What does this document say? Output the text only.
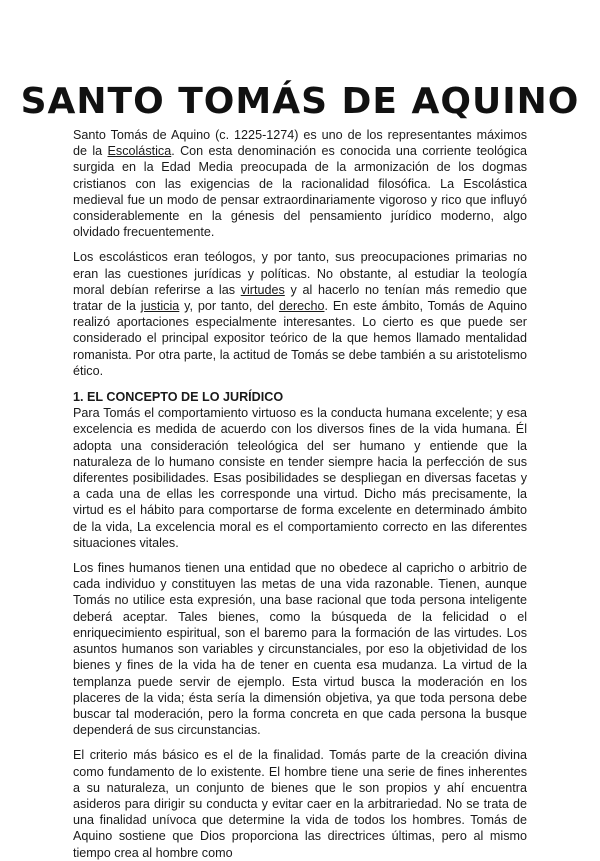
SANTO TOMÁS DE AQUINO

Santo Tomás de Aquino (c. 1225-1274) es uno de los representantes máximos de la Escolástica. Con esta denominación es conocida una corriente teológica surgida en la Edad Media preocupada de la armonización de los dogmas cristianos con las exigencias de la racionalidad filosófica. La Escolástica medieval fue un modo de pensar extraordinariamente vigoroso y rico que influyó considerablemente en la génesis del pensamiento jurídico moderno, algo olvidado frecuentemente.

Los escolásticos eran teólogos, y por tanto, sus preocupaciones primarias no eran las cuestiones jurídicas y políticas. No obstante, al estudiar la teología moral debían referirse a las virtudes y al hacerlo no tenían más remedio que tratar de la justicia y, por tanto, del derecho. En este ámbito, Tomás de Aquino realizó aportaciones especialmente interesantes. Lo cierto es que puede ser considerado el principal expositor teórico de la que hemos llamado mentalidad romanista. Por otra parte, la actitud de Tomás se debe también a su aristotelismo ético.

1. EL CONCEPTO DE LO JURÍDICO

Para Tomás el comportamiento virtuoso es la conducta humana excelente; y esa excelencia es medida de acuerdo con los diversos fines de la vida humana. Él adopta una consideración teleológica del ser humano y entiende que la naturaleza de lo humano consiste en tender siempre hacia la perfección de sus diferentes posibilidades. Esas posibilidades se despliegan en diversas facetas y a cada una de ellas les corresponde una virtud. Dicho más precisamente, la virtud es el hábito para comportarse de forma excelente en determinado ámbito de la vida, La excelencia moral es el comportamiento correcto en las diferentes situaciones vitales.

Los fines humanos tienen una entidad que no obedece al capricho o arbitrio de cada individuo y constituyen las metas de una vida razonable. Tienen, aunque Tomás no utilice esta expresión, una base racional que toda persona inteligente deberá aceptar. Tales bienes, como la búsqueda de la felicidad o el enriquecimiento espiritual, son el baremo para la formación de las virtudes. Los asuntos humanos son variables y circunstanciales, por eso la objetividad de los bienes y fines de la vida ha de tener en cuenta esa mudanza. La virtud de la templanza puede servir de ejemplo. Esta virtud busca la moderación en los placeres de la vida; ésta sería la dimensión objetiva, ya que toda persona debe buscar tal moderación, pero la forma concreta en que cada persona la busque dependerá de sus circunstancias.

El criterio más básico es el de la finalidad. Tomás parte de la creación divina como fundamento de lo existente. El hombre tiene una serie de fines inherentes a su naturaleza, un conjunto de bienes que le son propios y ahí encuentra asideros para dirigir su conducta y evitar caer en la arbitrariedad. No se trata de una finalidad unívoca que determine la vida de todos los hombres. Tomás de Aquino sostiene que Dios proporciona las directrices últimas, pero al mismo tiempo crea al hombre como
